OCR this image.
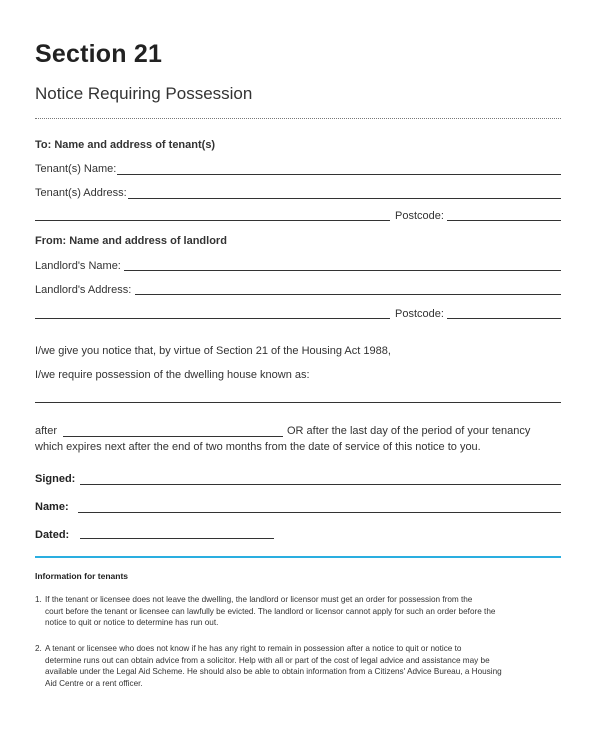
Section 21
Notice Requiring Possession
To: Name and address of tenant(s)
Tenant(s) Name:
Tenant(s) Address:
Postcode:
From: Name and address of landlord
Landlord's Name:
Landlord's Address:
Postcode:
I/we give you notice that, by virtue of Section 21 of the Housing Act 1988,
I/we require possession of the dwelling house known as:
after	OR after the last day of the period of your tenancy
which expires next after the end of two months from the date of service of this notice to you.
Signed:
Name:
Dated:
Information for tenants
1. If the tenant or licensee does not leave the dwelling, the landlord or licensor must get an order for possession from the
court before the tenant or licensee can lawfully be evicted. The landlord or licensor cannot apply for such an order before the
notice to quit or notice to determine has run out.
2. A tenant or licensee who does not know if he has any right to remain in possession after a notice to quit or notice to
determine runs out can obtain advice from a solicitor. Help with all or part of the cost of legal advice and assistance may be
available under the Legal Aid Scheme. He should also be able to obtain information from a Citizens' Advice Bureau, a Housing
Aid Centre or a rent officer.
